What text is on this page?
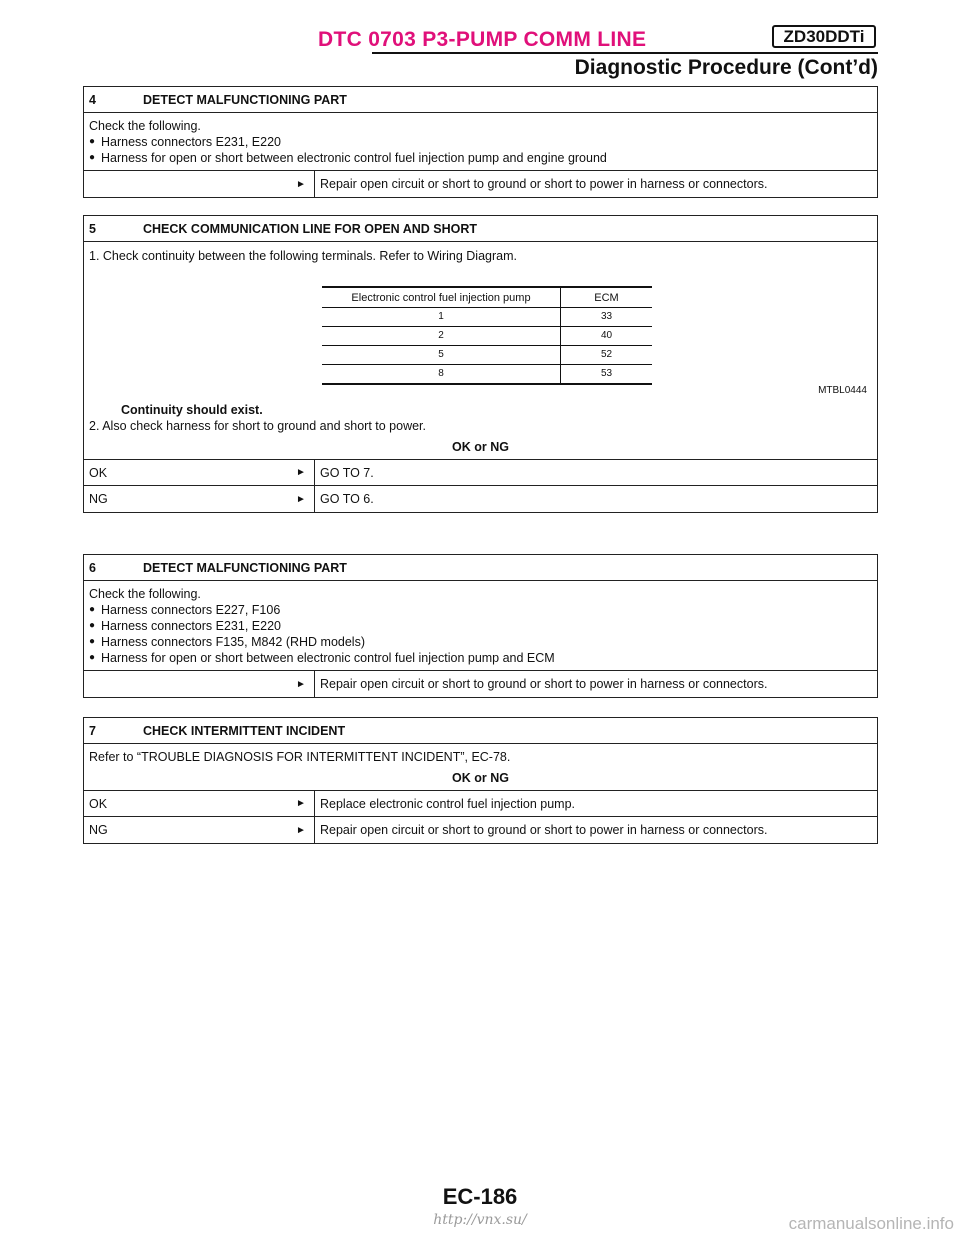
DTC 0703 P3-PUMP COMM LINE	ZD30DDTi
Diagnostic Procedure (Cont’d)
4	DETECT MALFUNCTIONING PART
Check the following.
● Harness connectors E231, E220
● Harness for open or short between electronic control fuel injection pump and engine ground
► Repair open circuit or short to ground or short to power in harness or connectors.
5	CHECK COMMUNICATION LINE FOR OPEN AND SHORT
1. Check continuity between the following terminals. Refer to Wiring Diagram.
Electronic control fuel injection pump	ECM
1	33
2	40
5	52
8	53
MTBL0444
Continuity should exist.
2. Also check harness for short to ground and short to power.
OK or NG
OK	► GO TO 7.
NG	► GO TO 6.
6	DETECT MALFUNCTIONING PART
Check the following.
● Harness connectors E227, F106
● Harness connectors E231, E220
● Harness connectors F135, M842 (RHD models)
● Harness for open or short between electronic control fuel injection pump and ECM
► Repair open circuit or short to ground or short to power in harness or connectors.
7	CHECK INTERMITTENT INCIDENT
Refer to “TROUBLE DIAGNOSIS FOR INTERMITTENT INCIDENT”, EC-78.
OK or NG
OK	► Replace electronic control fuel injection pump.
NG	► Repair open circuit or short to ground or short to power in harness or connectors.
EC-186
http://vnx.su/	carmanualsonline.info
